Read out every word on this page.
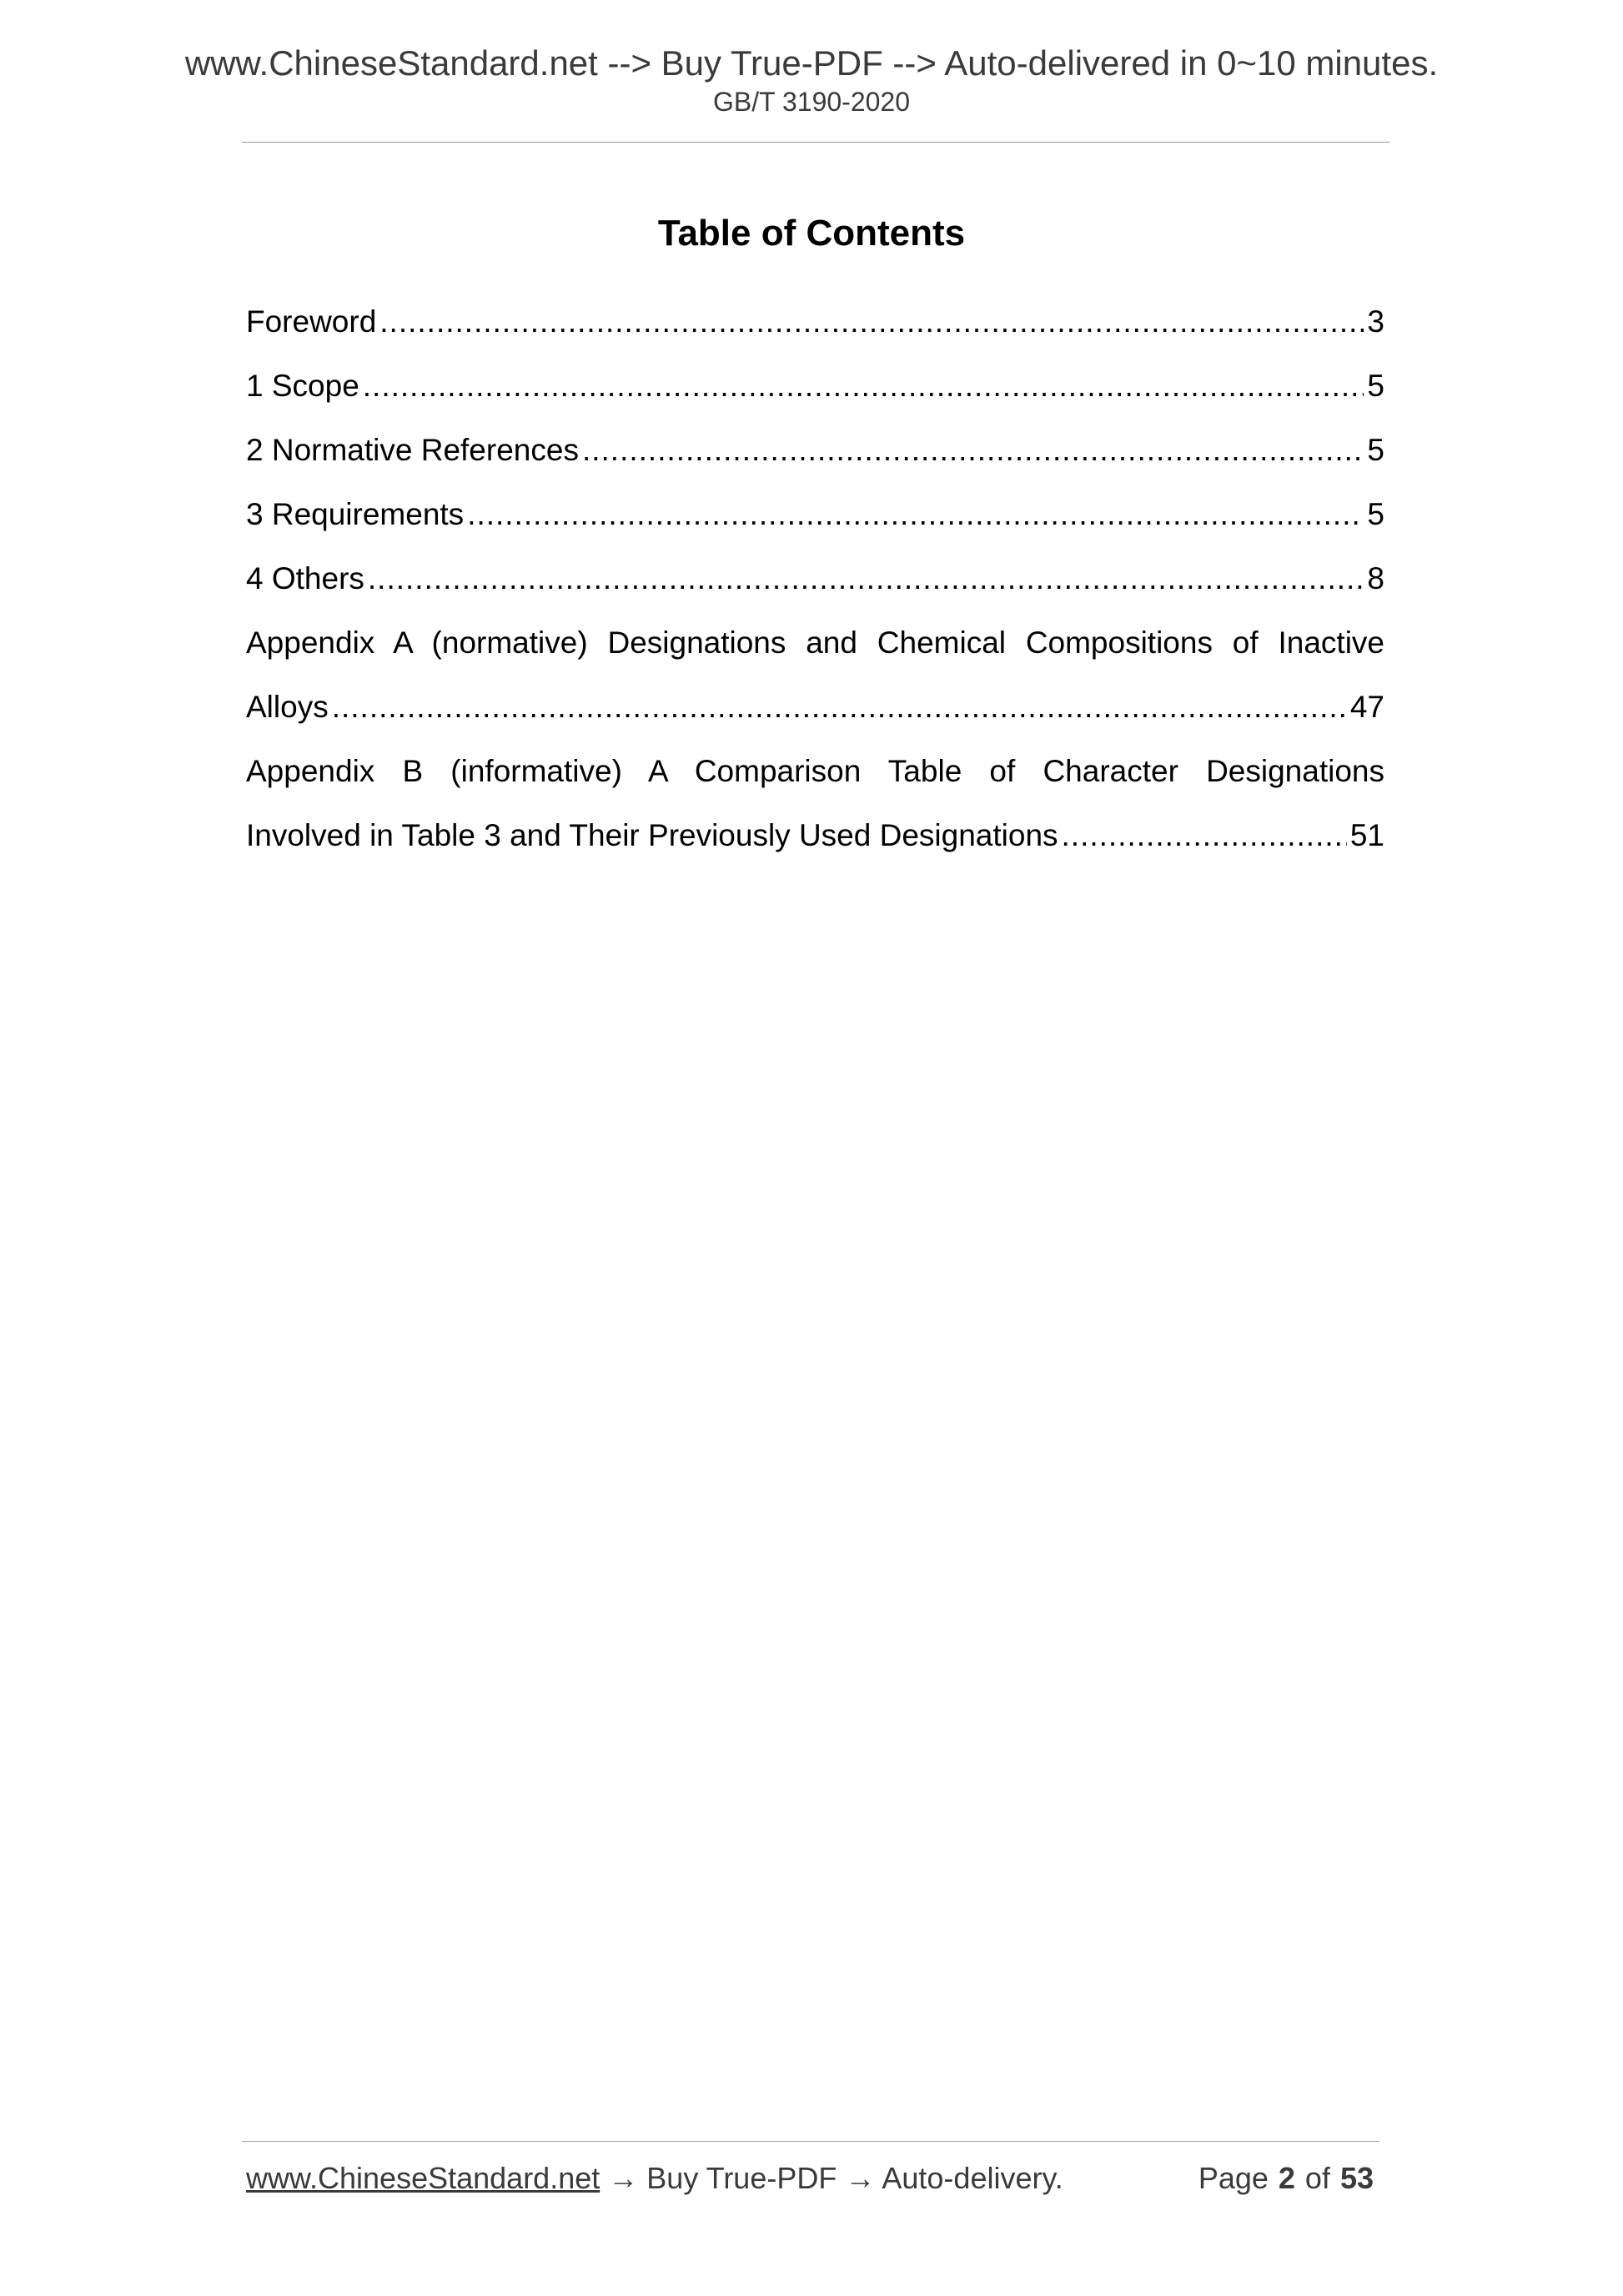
www.ChineseStandard.net --> Buy True-PDF --> Auto-delivered in 0~10 minutes.
GB/T 3190-2020
Table of Contents
Foreword .....	3
1 Scope .....	5
2 Normative References .....	5
3 Requirements .....	5
4 Others .....	8
Appendix A (normative) Designations and Chemical Compositions of Inactive
Alloys .....	47
Appendix B (informative) A Comparison Table of Character Designations
Involved in Table 3 and Their Previously Used Designations .....	51
www.ChineseStandard.net → Buy True-PDF → Auto-delivery.	Page 2 of 53
